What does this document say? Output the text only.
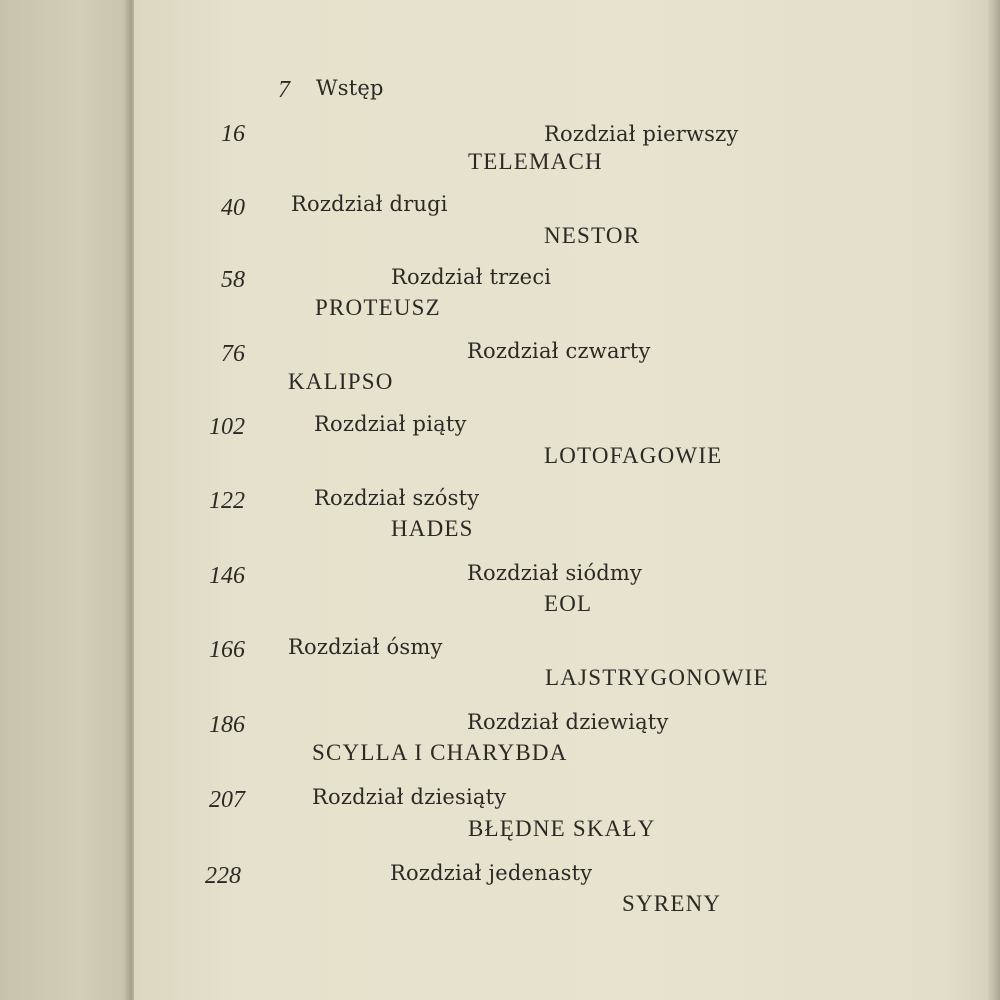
7 Wstęp
16	Rozdział pierwszy
TELEMACH
40 Rozdział drugi
NESTOR
58	Rozdział trzeci
PROTEUSZ
76	Rozdział czwarty
KALIPSO
102	Rozdział piąty
LOTOFAGOWIE
122	Rozdział szósty
HADES
146	Rozdział siódmy
EOL
166 Rozdział ósmy
LAJSTRYGONOWIE
186	Rozdział dziewiąty
SCYLLA I CHARYBDA
207	Rozdział dziesiąty
BŁĘDNE SKAŁY
228	Rozdział jedenasty
SYRENY
